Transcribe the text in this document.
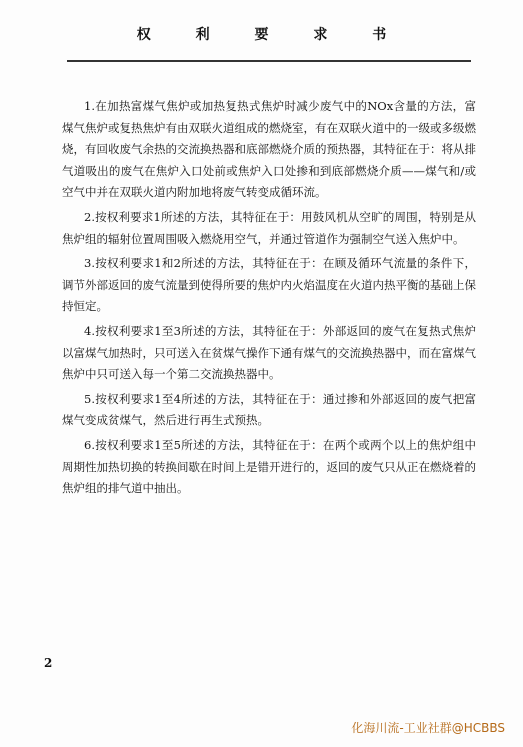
权 利 要 求 书

1.在加热富煤气焦炉或加热复热式焦炉时减少废气中的NOx含量的方法，富煤气焦炉或复热焦炉有由双联火道组成的燃烧室，有在双联火道中的一级或多级燃烧，有回收废气余热的交流换热器和底部燃烧介质的预热器，其特征在于：将从排气道吸出的废气在焦炉入口处前或焦炉入口处掺和到底部燃烧介质——煤气和/或空气中并在双联火道内附加地将废气转变成循环流。

2.按权利要求1所述的方法，其特征在于：用鼓风机从空旷的周围，特别是从焦炉组的辐射位置周围吸入燃烧用空气，并通过管道作为强制空气送入焦炉中。

3.按权利要求1和2所述的方法，其特征在于：在顾及循环气流量的条件下，调节外部返回的废气流量到使得所要的焦炉内火焰温度在火道内热平衡的基础上保持恒定。

4.按权利要求1至3所述的方法，其特征在于：外部返回的废气在复热式焦炉以富煤气加热时，只可送入在贫煤气操作下通有煤气的交流换热器中，而在富煤气焦炉中只可送入每一个第二交流换热器中。

5.按权利要求1至4所述的方法，其特征在于：通过掺和外部返回的废气把富煤气变成贫煤气，然后进行再生式预热。

6.按权利要求1至5所述的方法，其特征在于：在两个或两个以上的焦炉组中周期性加热切换的转换间歇在时间上是错开进行的，返回的废气只从正在燃烧着的焦炉组的排气道中抽出。

2
化海川流-工业社群@HCBBS
